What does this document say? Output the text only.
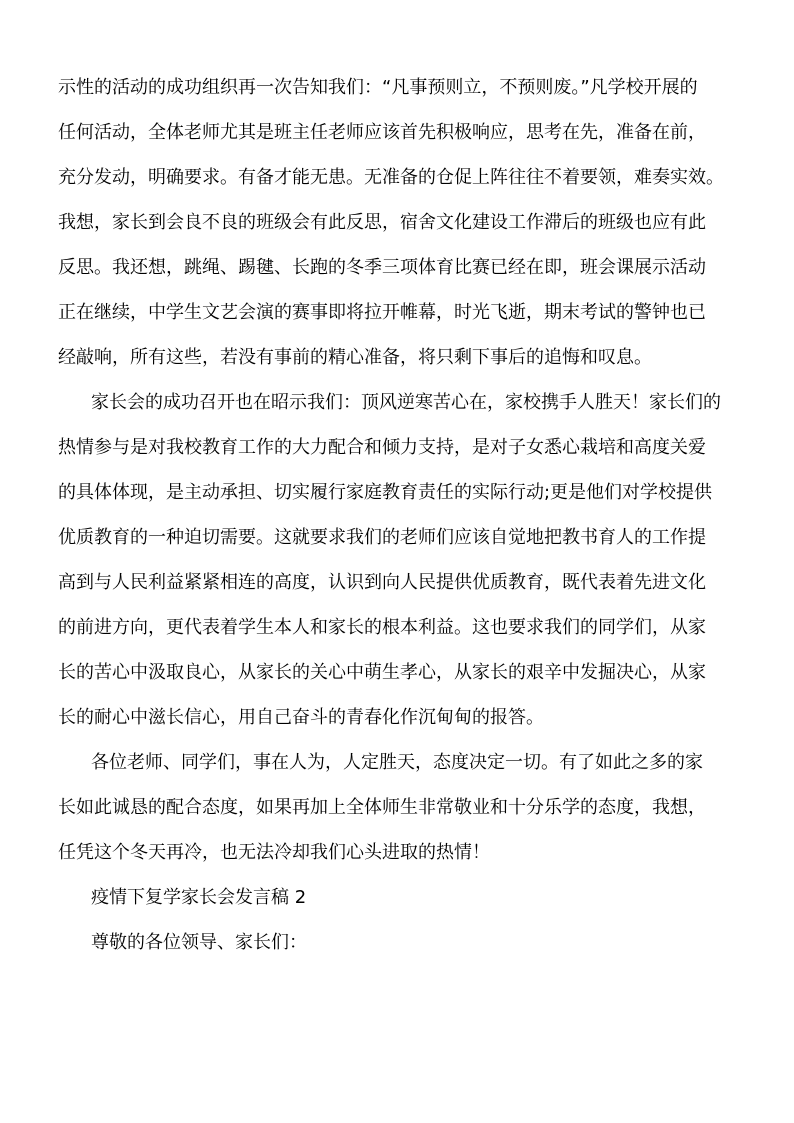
示性的活动的成功组织再一次告知我们：“凡事预则立，不预则废。”凡学校开展的
任何活动，全体老师尤其是班主任老师应该首先积极响应，思考在先，准备在前，
充分发动，明确要求。有备才能无患。无准备的仓促上阵往往不着要领，难奏实效。
我想，家长到会良不良的班级会有此反思，宿舍文化建设工作滞后的班级也应有此
反思。我还想，跳绳、踢毽、长跑的冬季三项体育比赛已经在即，班会课展示活动
正在继续，中学生文艺会演的赛事即将拉开帷幕，时光飞逝，期末考试的警钟也已
经敲响，所有这些，若没有事前的精心准备，将只剩下事后的追悔和叹息。
家长会的成功召开也在昭示我们：顶风逆寒苦心在，家校携手人胜天！家长们的
热情参与是对我校教育工作的大力配合和倾力支持，是对子女悉心栽培和高度关爱
的具体体现，是主动承担、切实履行家庭教育责任的实际行动;更是他们对学校提供
优质教育的一种迫切需要。这就要求我们的老师们应该自觉地把教书育人的工作提
高到与人民利益紧紧相连的高度，认识到向人民提供优质教育，既代表着先进文化
的前进方向，更代表着学生本人和家长的根本利益。这也要求我们的同学们，从家
长的苦心中汲取良心，从家长的关心中萌生孝心，从家长的艰辛中发掘决心，从家
长的耐心中滋长信心，用自己奋斗的青春化作沉甸甸的报答。
各位老师、同学们，事在人为，人定胜天，态度决定一切。有了如此之多的家
长如此诚恳的配合态度，如果再加上全体师生非常敬业和十分乐学的态度，我想，
任凭这个冬天再冷，也无法冷却我们心头进取的热情！
疫情下复学家长会发言稿 2
尊敬的各位领导、家长们：
